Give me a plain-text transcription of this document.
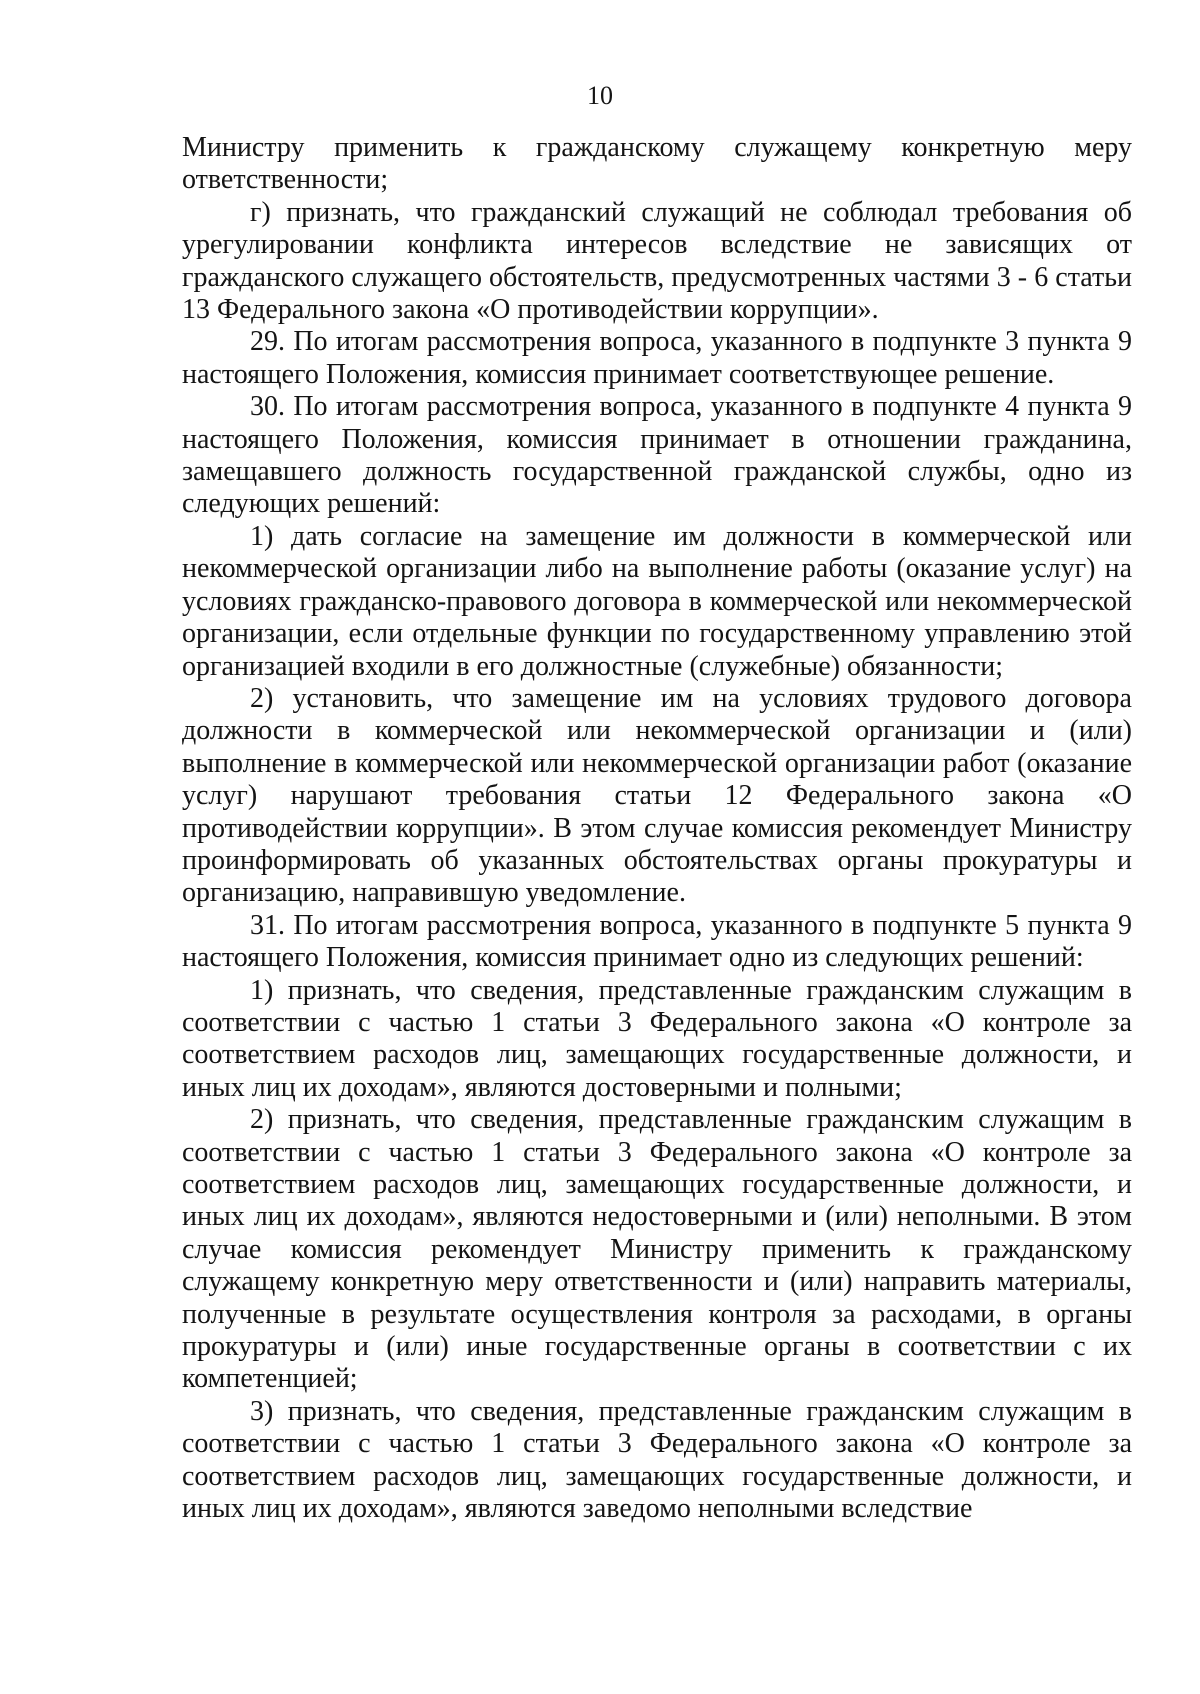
10

Министру применить к гражданскому служащему конкретную меру ответственности;

г) признать, что гражданский служащий не соблюдал требования об урегулировании конфликта интересов вследствие не зависящих от гражданского служащего обстоятельств, предусмотренных частями 3 - 6 статьи 13 Федерального закона «О противодействии коррупции».

29. По итогам рассмотрения вопроса, указанного в подпункте 3 пункта 9 настоящего Положения, комиссия принимает соответствующее решение.

30. По итогам рассмотрения вопроса, указанного в подпункте 4 пункта 9 настоящего Положения, комиссия принимает в отношении гражданина, замещавшего должность государственной гражданской службы, одно из следующих решений:

1) дать согласие на замещение им должности в коммерческой или некоммерческой организации либо на выполнение работы (оказание услуг) на условиях гражданско-правового договора в коммерческой или некоммерческой организации, если отдельные функции по государственному управлению этой организацией входили в его должностные (служебные) обязанности;

2) установить, что замещение им на условиях трудового договора должности в коммерческой или некоммерческой организации и (или) выполнение в коммерческой или некоммерческой организации работ (оказание услуг) нарушают требования статьи 12 Федерального закона «О противодействии коррупции». В этом случае комиссия рекомендует Министру проинформировать об указанных обстоятельствах органы прокуратуры и организацию, направившую уведомление.

31. По итогам рассмотрения вопроса, указанного в подпункте 5 пункта 9 настоящего Положения, комиссия принимает одно из следующих решений:

1) признать, что сведения, представленные гражданским служащим в соответствии с частью 1 статьи 3 Федерального закона «О контроле за соответствием расходов лиц, замещающих государственные должности, и иных лиц их доходам», являются достоверными и полными;

2) признать, что сведения, представленные гражданским служащим в соответствии с частью 1 статьи 3 Федерального закона «О контроле за соответствием расходов лиц, замещающих государственные должности, и иных лиц их доходам», являются недостоверными и (или) неполными. В этом случае комиссия рекомендует Министру применить к гражданскому служащему конкретную меру ответственности и (или) направить материалы, полученные в результате осуществления контроля за расходами, в органы прокуратуры и (или) иные государственные органы в соответствии с их компетенцией;

3) признать, что сведения, представленные гражданским служащим в соответствии с частью 1 статьи 3 Федерального закона «О контроле за соответствием расходов лиц, замещающих государственные должности, и иных лиц их доходам», являются заведомо неполными вследствие
